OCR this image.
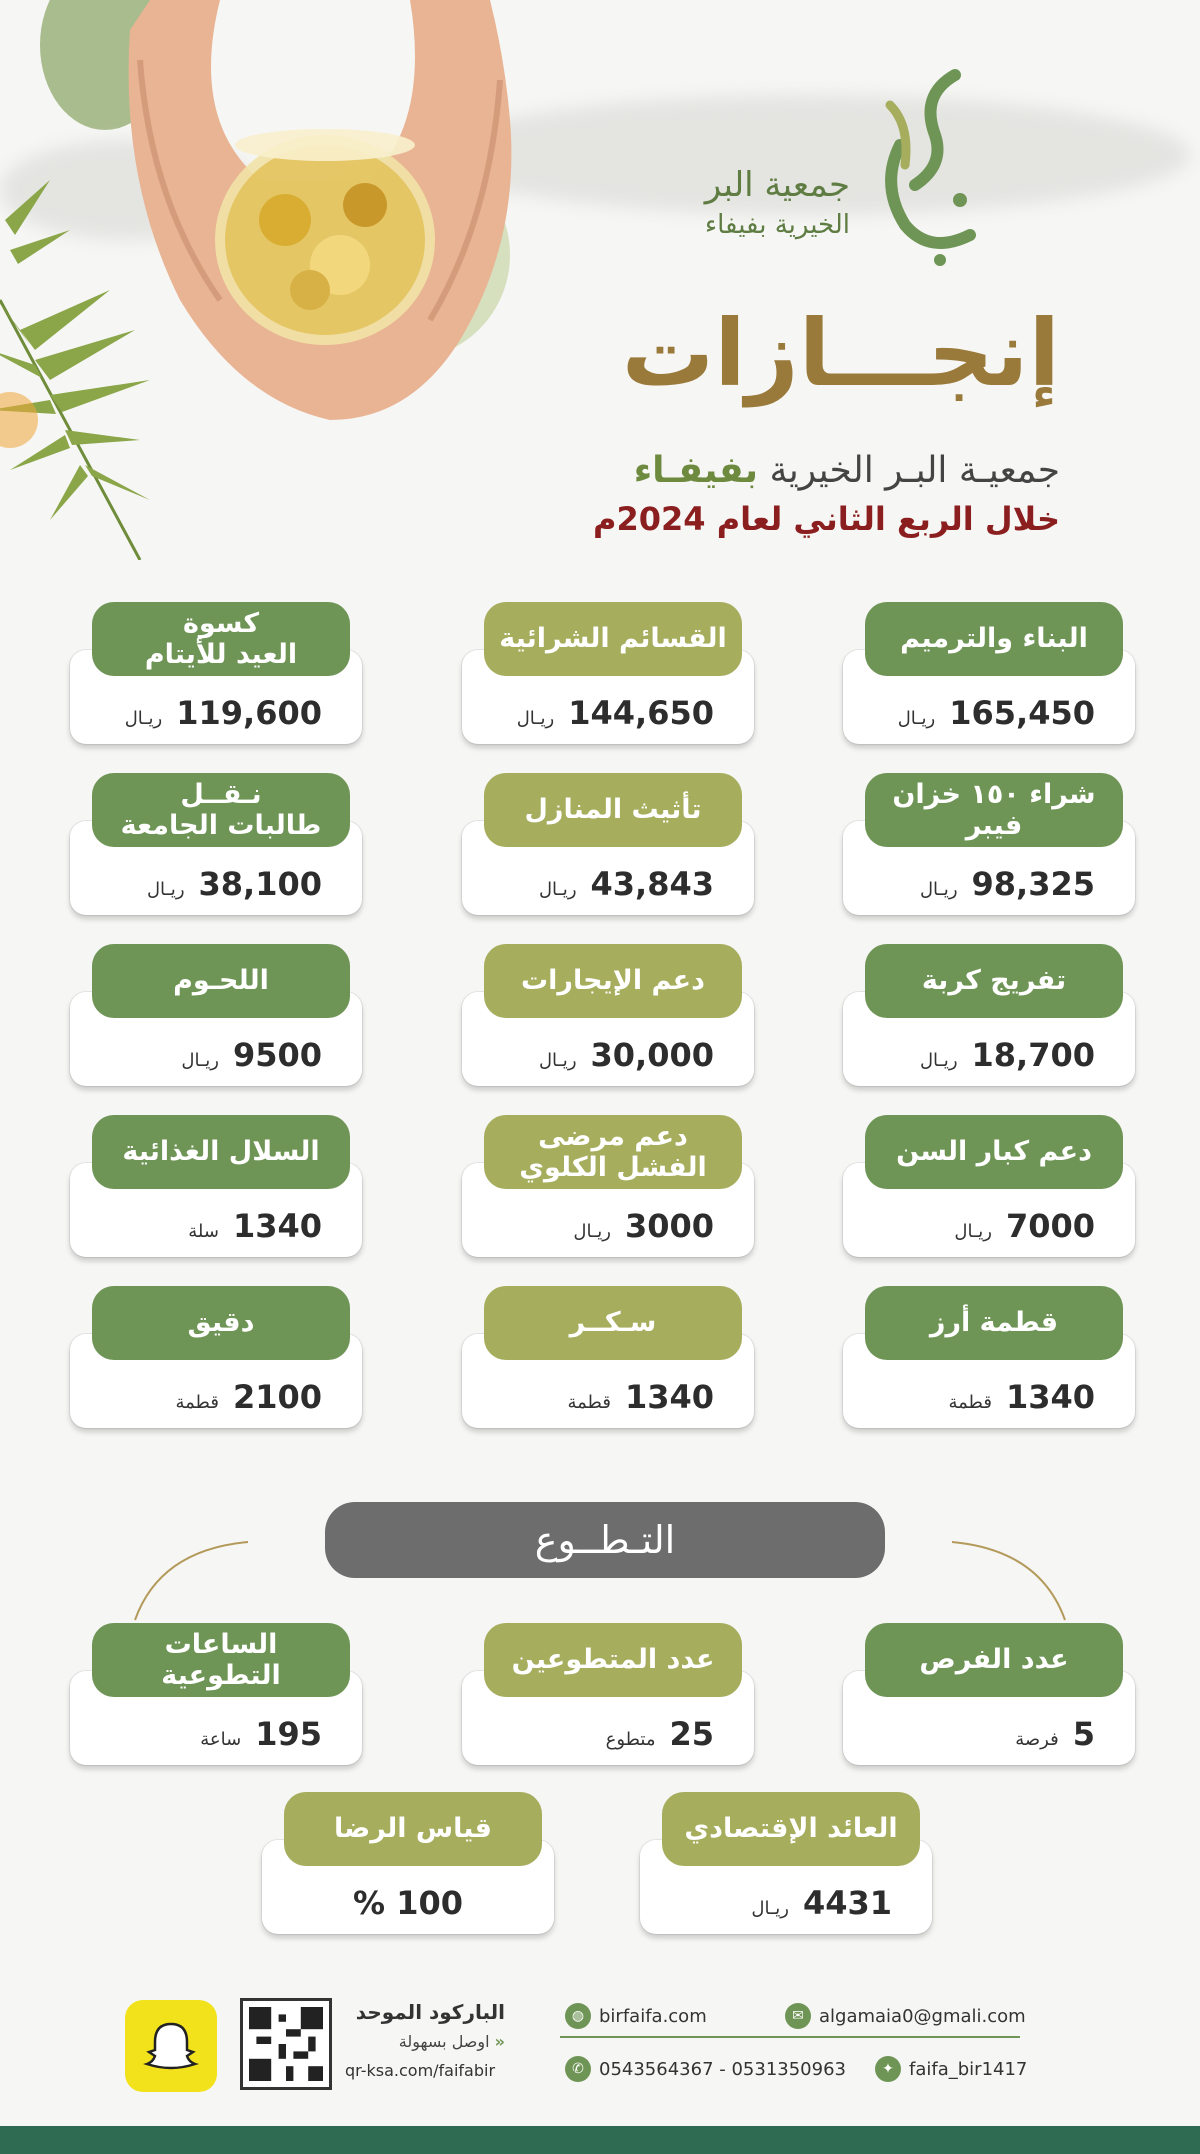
جمعية البر
الخيرية بفيفاء
إنجـــازات
جمعيـة البـر الخيرية بفيفـاء
خلال الربع الثاني لعام 2024م
البناء والترميم
165,450
ريـال
القسائم الشرائية
144,650
ريـال
كسوة
العيد للأيتام
119,600
ريـال
شراء ١٥٠ خزان فيبر
98,325
ريـال
تأثيث المنازل
43,843
ريـال
نـقــل
طالبات الجامعة
38,100
ريـال
تفريج كربة
18,700
ريـال
دعم الإيجارات
30,000
ريـال
اللحـوم
9500
ريـال
دعم كبار السن
7000
ريـال
دعم مرضى
الفشل الكلوي
3000
ريـال
السلال الغذائية
1340
سلة
قطمة أرز
1340
قطمة
سـكــر
1340
قطمة
دقيق
2100
قطمة
التـطــوع
عدد الفرص
5
فرصة
عدد المتطوعين
25
متطوع
الساعات التطوعية
195
ساعة
العائد الإقتصادي
4431
ريـال
قياس الرضا
100 %
الباركود الموحد
« اوصل بسهولة
qr-ksa.com/faifabir
◍ birfaifa.com	✉ algamaia0@gmali.com
✆ 0543564367 - 0531350963	✦ faifa_bir1417
